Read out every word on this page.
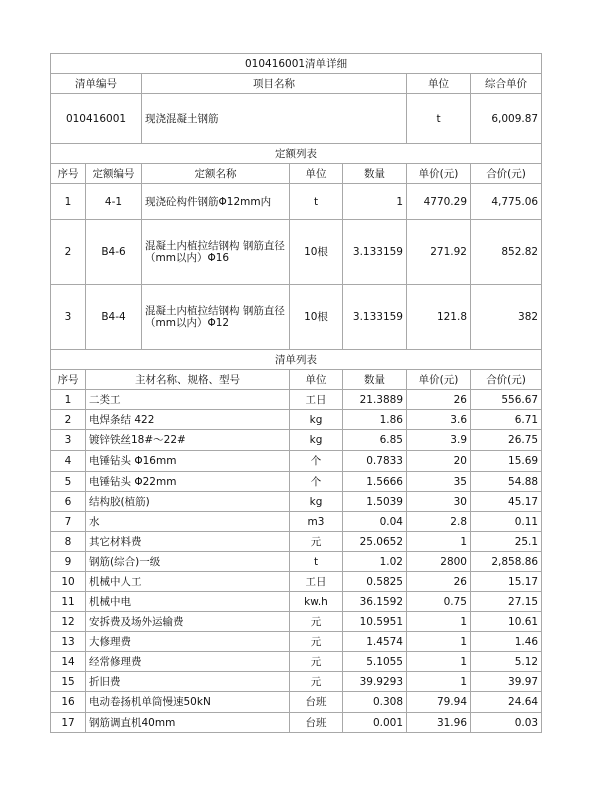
010416001清单详细						
清单编号		项目名称			单位	综合单价
010416001		现浇混凝土钢筋			t	6,009.87
定额列表						
序号	定额编号	定额名称	单位	数量	单价(元)	合价(元)
1	4-1	现浇砼构件钢筋Φ12mm内	t	1	4770.29	4,775.06
2	B4-6	混凝土内植拉结钢构 钢筋直径（mm以内）Φ16	10根	3.133159	271.92	852.82
3	B4-4	混凝土内植拉结钢构 钢筋直径（mm以内）Φ12	10根	3.133159	121.8	382
清单列表						
序号	主材名称、规格、型号		单位	数量	单价(元)	合价(元)
1	二类工		工日	21.3889	26	556.67
2	电焊条结 422		kg	1.86	3.6	6.71
3	镀锌铁丝18#～22#		kg	6.85	3.9	26.75
4	电锤钻头 Φ16mm		个	0.7833	20	15.69
5	电锤钻头 Φ22mm		个	1.5666	35	54.88
6	结构胶(植筋)		kg	1.5039	30	45.17
7	水		m3	0.04	2.8	0.11
8	其它材料费		元	25.0652	1	25.1
9	钢筋(综合)一级		t	1.02	2800	2,858.86
10	机械中人工		工日	0.5825	26	15.17
11	机械中电		kw.h	36.1592	0.75	27.15
12	安拆费及场外运输费		元	10.5951	1	10.61
13	大修理费		元	1.4574	1	1.46
14	经常修理费		元	5.1055	1	5.12
15	折旧费		元	39.9293	1	39.97
16	电动卷扬机单筒慢速50kN		台班	0.308	79.94	24.64
17	钢筋调直机40mm		台班	0.001	31.96	0.03
